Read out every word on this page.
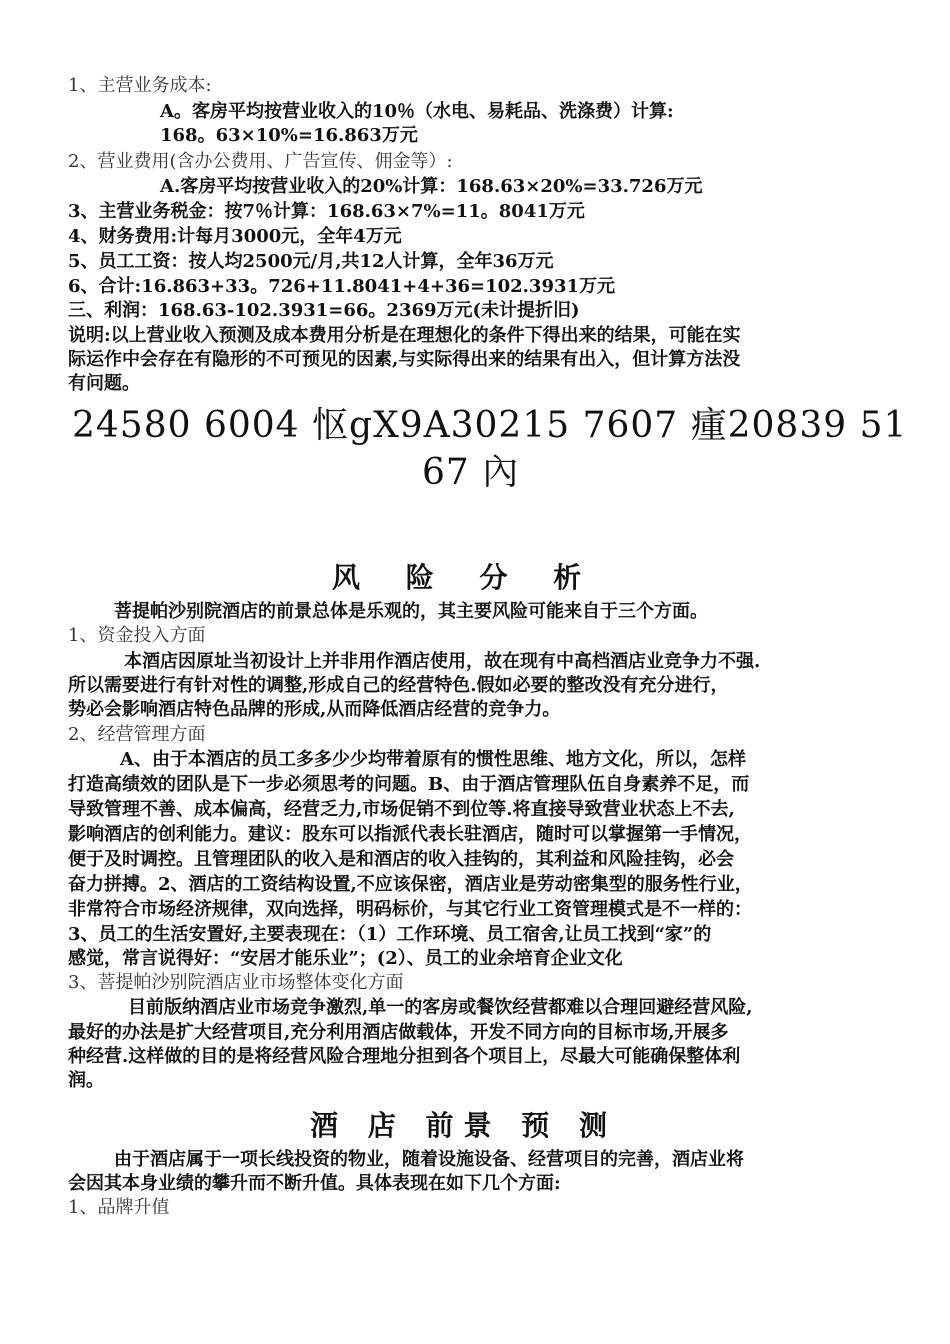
1、主营业务成本:
A。客房平均按营业收入的10％（水电、易耗品、洗涤费）计算:
168。63×10%=16.863万元
2、营业费用(含办公费用、广告宣传、佣金等）:
A.客房平均按营业收入的20%计算：168.63×20%=33.726万元
3、主营业务税金：按7％计算：168.63×7%=11。8041万元
4、财务费用:计每月3000元，全年4万元
5、员工工资：按人均2500元/月,共12人计算，全年36万元
6、合计:16.863+33。726+11.8041+4+36=102.3931万元
三、利润：168.63-102.3931=66。2369万元(未计提折旧)
说明:以上营业收入预测及成本费用分析是在理想化的条件下得出来的结果，可能在实
际运作中会存在有隐形的不可预见的因素,与实际得出来的结果有出入，但计算方法没
有问题。
24580 6004 怄gX9A30215 7607 瘇20839 51
67 內
风 险 分 析
菩提帕沙别院酒店的前景总体是乐观的，其主要风险可能来自于三个方面。
1、资金投入方面
本酒店因原址当初设计上并非用作酒店使用，故在现有中高档酒店业竞争力不强.
所以需要进行有针对性的调整,形成自己的经营特色.假如必要的整改没有充分进行，
势必会影响酒店特色品牌的形成,从而降低酒店经营的竞争力。
2、经营管理方面
A、由于本酒店的员工多多少少均带着原有的惯性思维、地方文化，所以，怎样
打造高绩效的团队是下一步必须思考的问题。B、由于酒店管理队伍自身素养不足，而
导致管理不善、成本偏高，经营乏力,市场促销不到位等.将直接导致营业状态上不去,
影响酒店的创利能力。建议：股东可以指派代表长驻酒店，随时可以掌握第一手情况，
便于及时调控。且管理团队的收入是和酒店的收入挂钩的，其利益和风险挂钩，必会
奋力拼搏。2、酒店的工资结构设置,不应该保密，酒店业是劳动密集型的服务性行业，
非常符合市场经济规律，双向选择，明码标价，与其它行业工资管理模式是不一样的：
3、员工的生活安置好,主要表现在：（1）工作环境、员工宿舍,让员工找到“家”的
感觉，常言说得好：“安居才能乐业”；(2）、员工的业余培育企业文化
3、菩提帕沙别院酒店业市场整体变化方面
目前版纳酒店业市场竞争激烈,单一的客房或餐饮经营都难以合理回避经营风险,
最好的办法是扩大经营项目,充分利用酒店做载体，开发不同方向的目标市场,开展多
种经营.这样做的目的是将经营风险合理地分担到各个项目上，尽最大可能确保整体利
润。
酒 店 前景 预 测
由于酒店属于一项长线投资的物业，随着设施设备、经营项目的完善，酒店业将
会因其本身业绩的攀升而不断升值。具体表现在如下几个方面:
1、品牌升值
